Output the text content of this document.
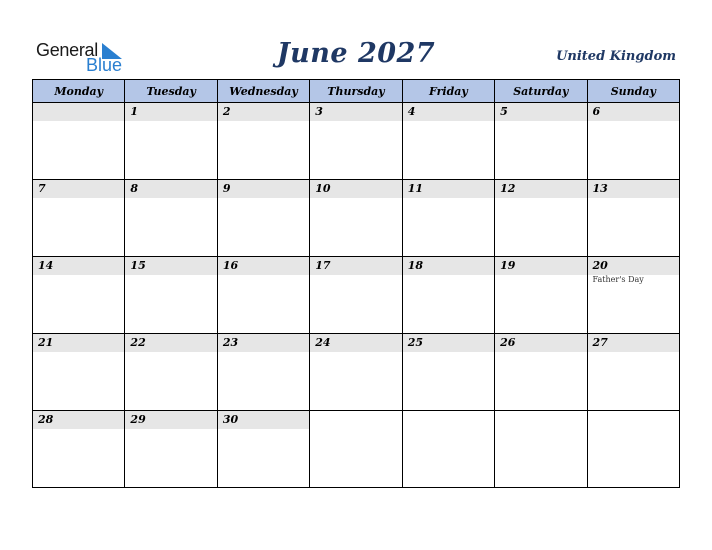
General
Blue	June 2027	United Kingdom
Monday	Tuesday	Wednesday	Thursday	Friday	Saturday	Sunday

	1	2	3	4	5	6

7	8	9	10	11	12	13

14	15	16	17	18	19	20
Father's Day

21	22	23	24	25	26	27

28	29	30				
